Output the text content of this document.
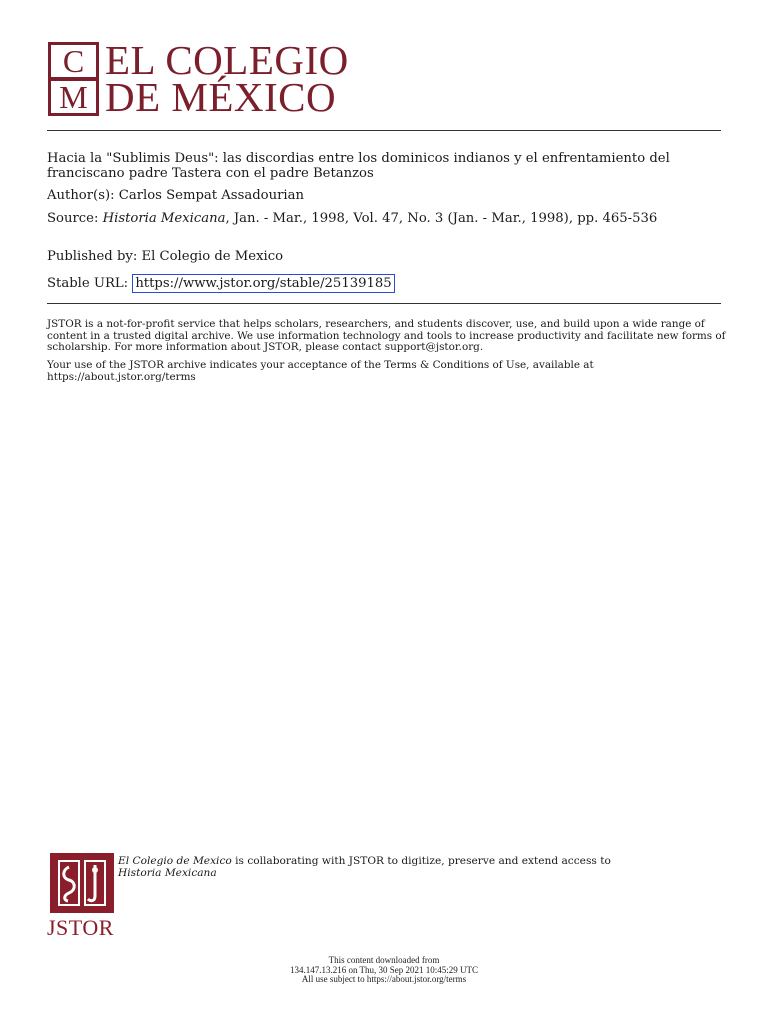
C
M
EL COLEGIO
DE MÉXICO
Hacia la "Sublimis Deus": las discordias entre los dominicos indianos y el enfrentamiento del franciscano padre Tastera con el padre Betanzos
Author(s): Carlos Sempat Assadourian
Source: Historia Mexicana, Jan. - Mar., 1998, Vol. 47, No. 3 (Jan. - Mar., 1998), pp. 465-536
Published by: El Colegio de Mexico
Stable URL: https://www.jstor.org/stable/25139185
JSTOR is a not-for-profit service that helps scholars, researchers, and students discover, use, and build upon a wide range of content in a trusted digital archive. We use information technology and tools to increase productivity and facilitate new forms of scholarship. For more information about JSTOR, please contact support@jstor.org.
Your use of the JSTOR archive indicates your acceptance of the Terms & Conditions of Use, available at https://about.jstor.org/terms
JSTOR
El Colegio de Mexico is collaborating with JSTOR to digitize, preserve and extend access to
Historia Mexicana
This content downloaded from
134.147.13.216 on Thu, 30 Sep 2021 10:45:29 UTC
All use subject to https://about.jstor.org/terms
